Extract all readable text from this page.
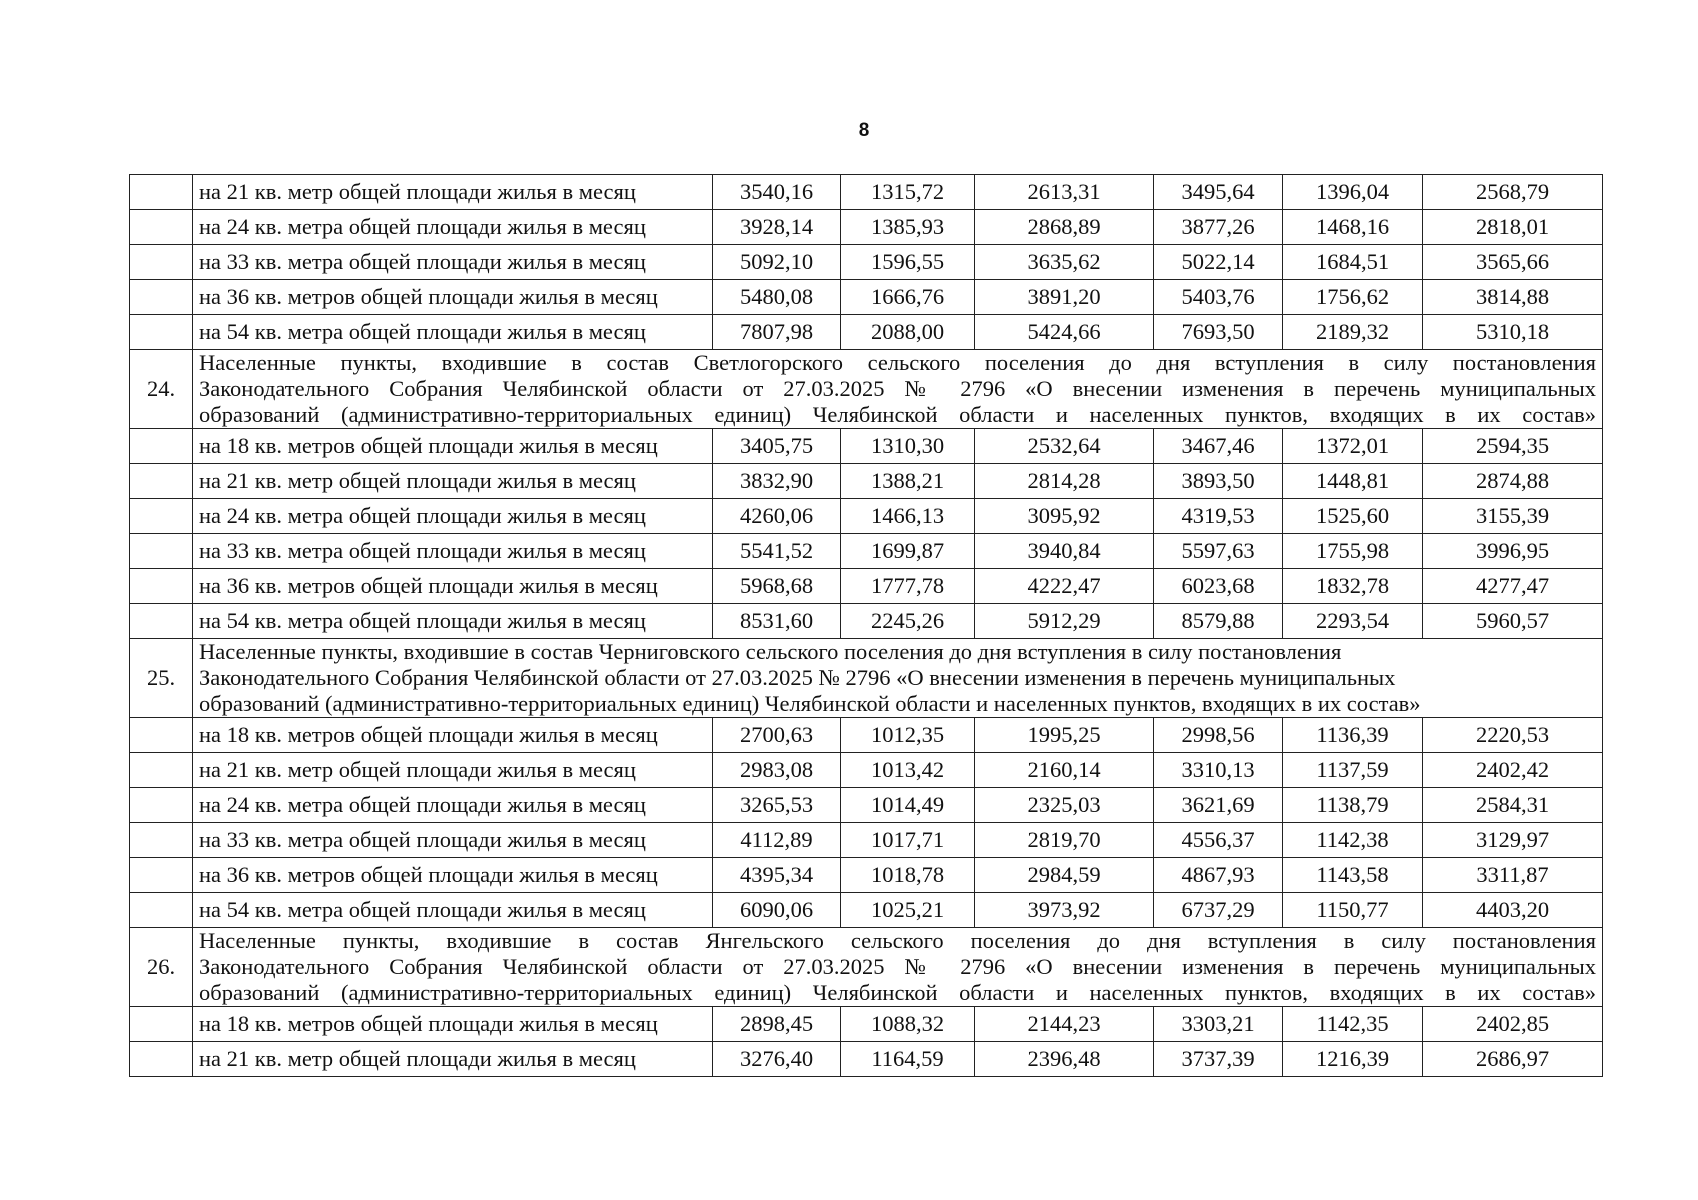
8
	на 21 кв. метр общей площади жилья в месяц	3540,16	1315,72	2613,31	3495,64	1396,04	2568,79
	на 24 кв. метра общей площади жилья в месяц	3928,14	1385,93	2868,89	3877,26	1468,16	2818,01
	на 33 кв. метра общей площади жилья в месяц	5092,10	1596,55	3635,62	5022,14	1684,51	3565,66
	на 36 кв. метров общей площади жилья в месяц	5480,08	1666,76	3891,20	5403,76	1756,62	3814,88
	на 54 кв. метра общей площади жилья в месяц	7807,98	2088,00	5424,66	7693,50	2189,32	5310,18
24.	Населенные пункты, входившие в состав Светлогорского сельского поселения до дня вступления в силу постановления
Законодательного Собрания Челябинской области от 27.03.2025 № 2796 «О внесении изменения в перечень муниципальных
образований (административно-территориальных единиц) Челябинской области и населенных пунктов, входящих в их состав»						

	на 18 кв. метров общей площади жилья в месяц	3405,75	1310,30	2532,64	3467,46	1372,01	2594,35
	на 21 кв. метр общей площади жилья в месяц	3832,90	1388,21	2814,28	3893,50	1448,81	2874,88
	на 24 кв. метра общей площади жилья в месяц	4260,06	1466,13	3095,92	4319,53	1525,60	3155,39
	на 33 кв. метра общей площади жилья в месяц	5541,52	1699,87	3940,84	5597,63	1755,98	3996,95
	на 36 кв. метров общей площади жилья в месяц	5968,68	1777,78	4222,47	6023,68	1832,78	4277,47
	на 54 кв. метра общей площади жилья в месяц	8531,60	2245,26	5912,29	8579,88	2293,54	5960,57
25.	Населенные пункты, входившие в состав Черниговского сельского поселения до дня вступления в силу постановления
Законодательного Собрания Челябинской области от 27.03.2025 № 2796 «О внесении изменения в перечень муниципальных
образований (административно-территориальных единиц) Челябинской области и населенных пунктов, входящих в их состав»						

	на 18 кв. метров общей площади жилья в месяц	2700,63	1012,35	1995,25	2998,56	1136,39	2220,53
	на 21 кв. метр общей площади жилья в месяц	2983,08	1013,42	2160,14	3310,13	1137,59	2402,42
	на 24 кв. метра общей площади жилья в месяц	3265,53	1014,49	2325,03	3621,69	1138,79	2584,31
	на 33 кв. метра общей площади жилья в месяц	4112,89	1017,71	2819,70	4556,37	1142,38	3129,97
	на 36 кв. метров общей площади жилья в месяц	4395,34	1018,78	2984,59	4867,93	1143,58	3311,87
	на 54 кв. метра общей площади жилья в месяц	6090,06	1025,21	3973,92	6737,29	1150,77	4403,20
26.	Населенные пункты, входившие в состав Янгельского сельского поселения до дня вступления в силу постановления
Законодательного Собрания Челябинской области от 27.03.2025 № 2796 «О внесении изменения в перечень муниципальных
образований (административно-территориальных единиц) Челябинской области и населенных пунктов, входящих в их состав»						

	на 18 кв. метров общей площади жилья в месяц	2898,45	1088,32	2144,23	3303,21	1142,35	2402,85
	на 21 кв. метр общей площади жилья в месяц	3276,40	1164,59	2396,48	3737,39	1216,39	2686,97
